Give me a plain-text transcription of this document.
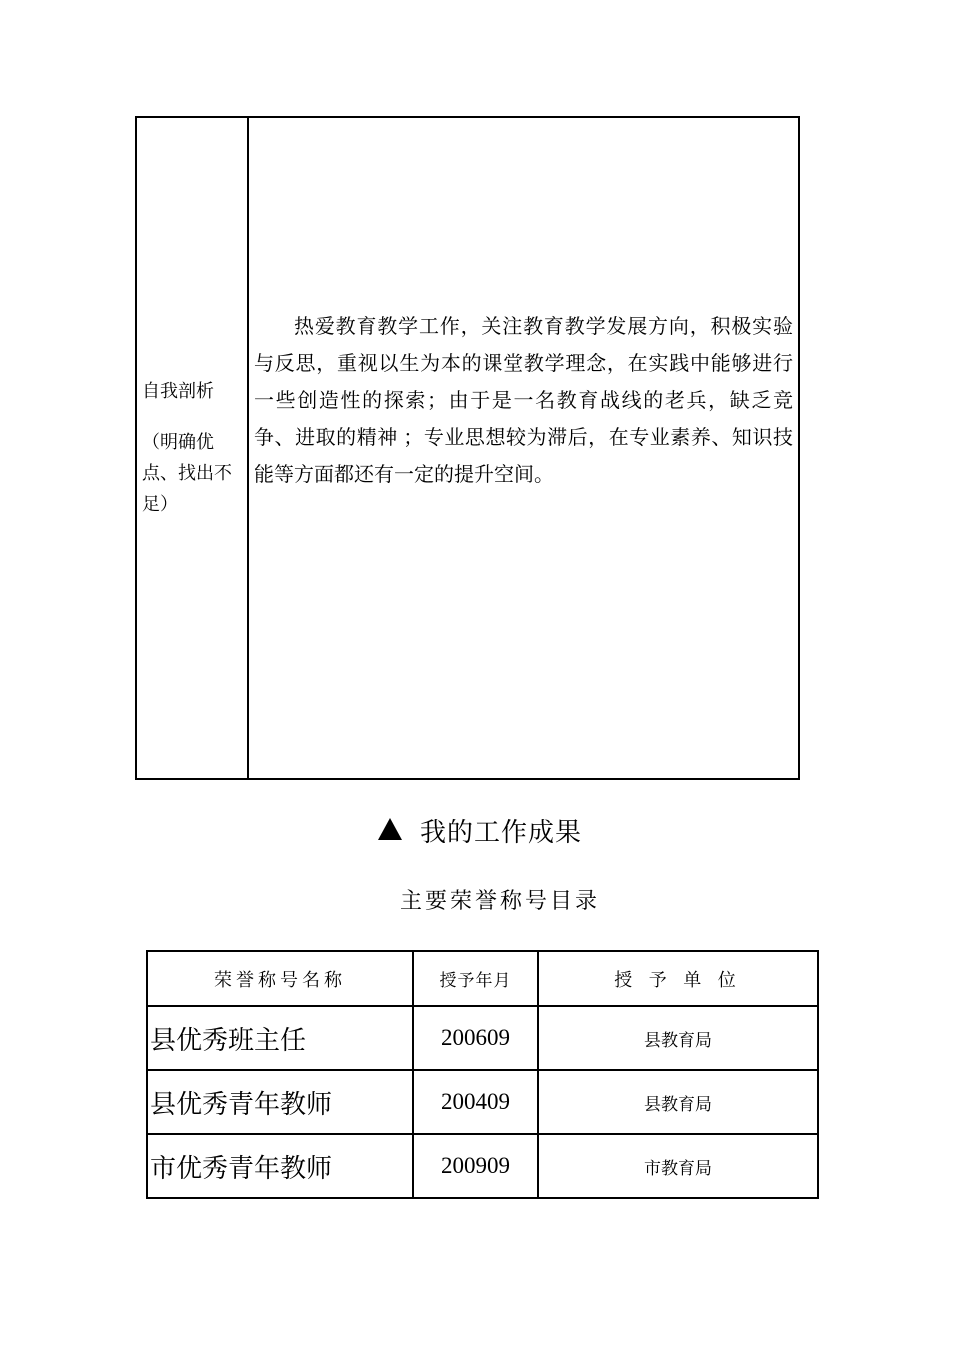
自我剖析
（明确优点、找出不足）

热爱教育教学工作，关注教育教学发展方向，积极实验与反思，重视以生为本的课堂教学理念，在实践中能够进行一些创造性的探索；由于是一名教育战线的老兵，缺乏竞争、进取的精神 ；专业思想较为滞后，在专业素养、知识技能等方面都还有一定的提升空间。

我的工作成果
主要荣誉称号目录
荣誉称号名称	授予年月	授 予 单 位
县优秀班主任	200609	县教育局
县优秀青年教师	200409	县教育局
市优秀青年教师	200909	市教育局
